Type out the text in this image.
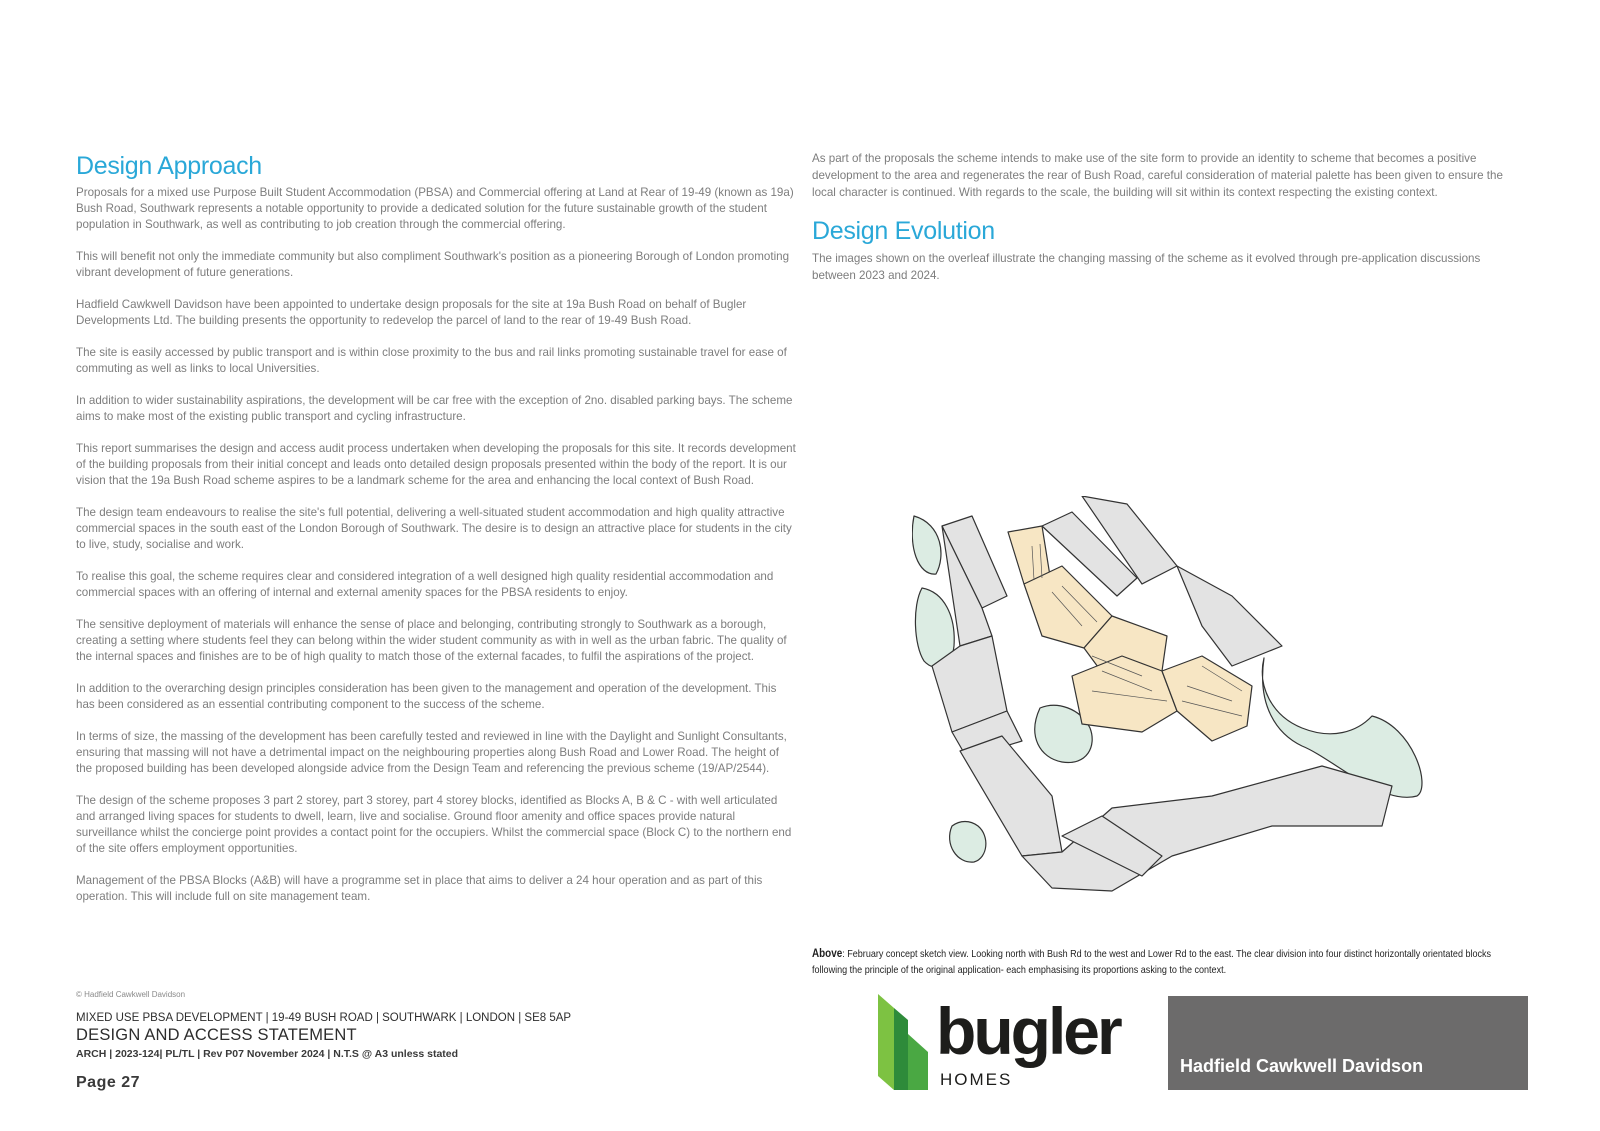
Design Approach

Proposals for a mixed use Purpose Built Student Accommodation (PBSA) and Commercial offering at Land at Rear of 19-49 (known as 19a) Bush Road, Southwark represents a notable opportunity to provide a dedicated solution for the future sustainable growth of the student population in Southwark, as well as contributing to job creation through the commercial offering.

This will benefit not only the immediate community but also compliment Southwark's position as a pioneering Borough of London promoting vibrant development of future generations.

Hadfield Cawkwell Davidson have been appointed to undertake design proposals for the site at 19a Bush Road on behalf of Bugler Developments Ltd. The building presents the opportunity to redevelop the parcel of land to the rear of 19-49 Bush Road.

The site is easily accessed by public transport and is within close proximity to the bus and rail links promoting sustainable travel for ease of commuting as well as links to local Universities.

In addition to wider sustainability aspirations, the development will be car free with the exception of 2no. disabled parking bays. The scheme aims to make most of the existing public transport and cycling infrastructure.

This report summarises the design and access audit process undertaken when developing the proposals for this site. It records development of the building proposals from their initial concept and leads onto detailed design proposals presented within the body of the report. It is our vision that the 19a Bush Road scheme aspires to be a landmark scheme for the area and enhancing the local context of Bush Road.

The design team endeavours to realise the site's full potential, delivering a well-situated student accommodation and high quality attractive commercial spaces in the south east of the London Borough of Southwark. The desire is to design an attractive place for students in the city to live, study, socialise and work.

To realise this goal, the scheme requires clear and considered integration of a well designed high quality residential accommodation and commercial spaces with an offering of internal and external amenity spaces for the PBSA residents to enjoy.

The sensitive deployment of materials will enhance the sense of place and belonging, contributing strongly to Southwark as a borough, creating a setting where students feel they can belong within the wider student community as with in well as the urban fabric. The quality of the internal spaces and finishes are to be of high quality to match those of the external facades, to fulfil the aspirations of the project.

In addition to the overarching design principles consideration has been given to the management and operation of the development. This has been considered as an essential contributing component to the success of the scheme.

In terms of size, the massing of the development has been carefully tested and reviewed in line with the Daylight and Sunlight Consultants, ensuring that massing will not have a detrimental impact on the neighbouring properties along Bush Road and Lower Road. The height of the proposed building has been developed alongside advice from the Design Team and referencing the previous scheme (19/AP/2544).

The design of the scheme proposes 3 part 2 storey, part 3 storey, part 4 storey blocks, identified as Blocks A, B & C - with well articulated and arranged living spaces for students to dwell, learn, live and socialise. Ground floor amenity and office spaces provide natural surveillance whilst the concierge point provides a contact point for the occupiers. Whilst the commercial space (Block C) to the northern end of the site offers employment opportunities.

Management of the PBSA Blocks (A&B) will have a programme set in place that aims to deliver a 24 hour operation and as part of this operation. This will include full on site management team.

As part of the proposals the scheme intends to make use of the site form to provide an identity to scheme that becomes a positive development to the area and regenerates the rear of Bush Road, careful consideration of material palette has been given to ensure the local character is continued. With regards to the scale, the building will sit within its context respecting the existing context.

Design Evolution

The images shown on the overleaf illustrate the changing massing of the scheme as it evolved through pre-application discussions between 2023 and 2024.

Above: February concept sketch view. Looking north with Bush Rd to the west and Lower Rd to the east. The clear division into four distinct horizontally orientated blocks following the principle of the original application- each emphasising its proportions asking to the context.
© Hadfield Cawkwell Davidson
MIXED USE PBSA DEVELOPMENT | 19-49 BUSH ROAD | SOUTHWARK | LONDON | SE8 5AP
DESIGN AND ACCESS STATEMENT
ARCH | 2023-124| PL/TL | Rev P07 November 2024 | N.T.S @ A3 unless stated
Page 27
bugler
HOMES
Hadfield Cawkwell Davidson
